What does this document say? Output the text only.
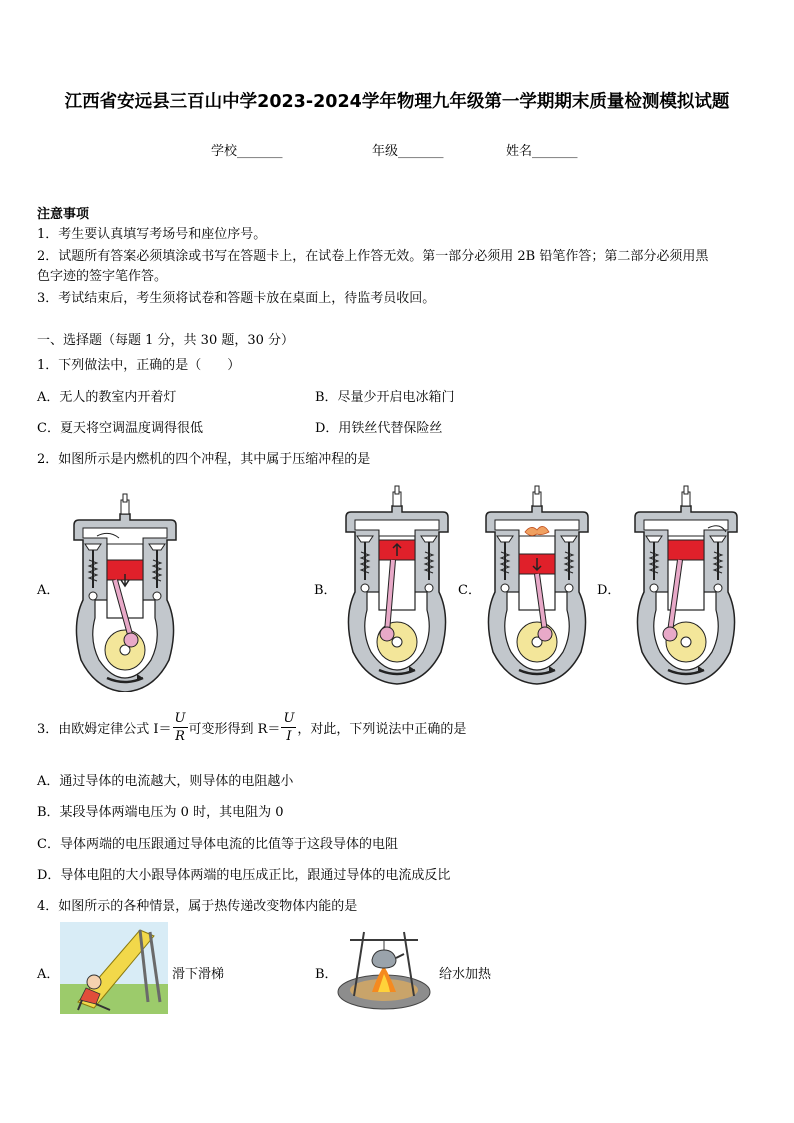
江西省安远县三百山中学2023-2024学年物理九年级第一学期期末质量检测模拟试题
学校_______	年级_______	姓名_______
注意事项
1．考生要认真填写考场号和座位序号。
2．试题所有答案必须填涂或书写在答题卡上，在试卷上作答无效。第一部分必须用 2B 铅笔作答；第二部分必须用黑
色字迹的签字笔作答。
3．考试结束后，考生须将试卷和答题卡放在桌面上，待监考员收回。
一、选择题（每题 1 分，共 30 题，30 分）
1．下列做法中，正确的是（　　）
A．无人的教室内开着灯	B．尽量少开启电冰箱门
C．夏天将空调温度调得很低	D．用铁丝代替保险丝
2．如图所示是内燃机的四个冲程，其中属于压缩冲程的是
A．	B．	C．	D．
3．由欧姆定律公式 $I= \frac{U}{R}$ 可变形得到 $R= \frac{U}{I}$ ，对此，下列说法中正确的是
A．通过导体的电流越大，则导体的电阻越小
B．某段导体两端电压为 0 时，其电阻为 0
C．导体两端的电压跟通过导体电流的比值等于这段导体的电阻
D．导体电阻的大小跟导体两端的电压成正比，跟通过导体的电流成反比
4．如图所示的各种情景，属于热传递改变物体内能的是
A．	滑下滑梯	B．	给水加热
